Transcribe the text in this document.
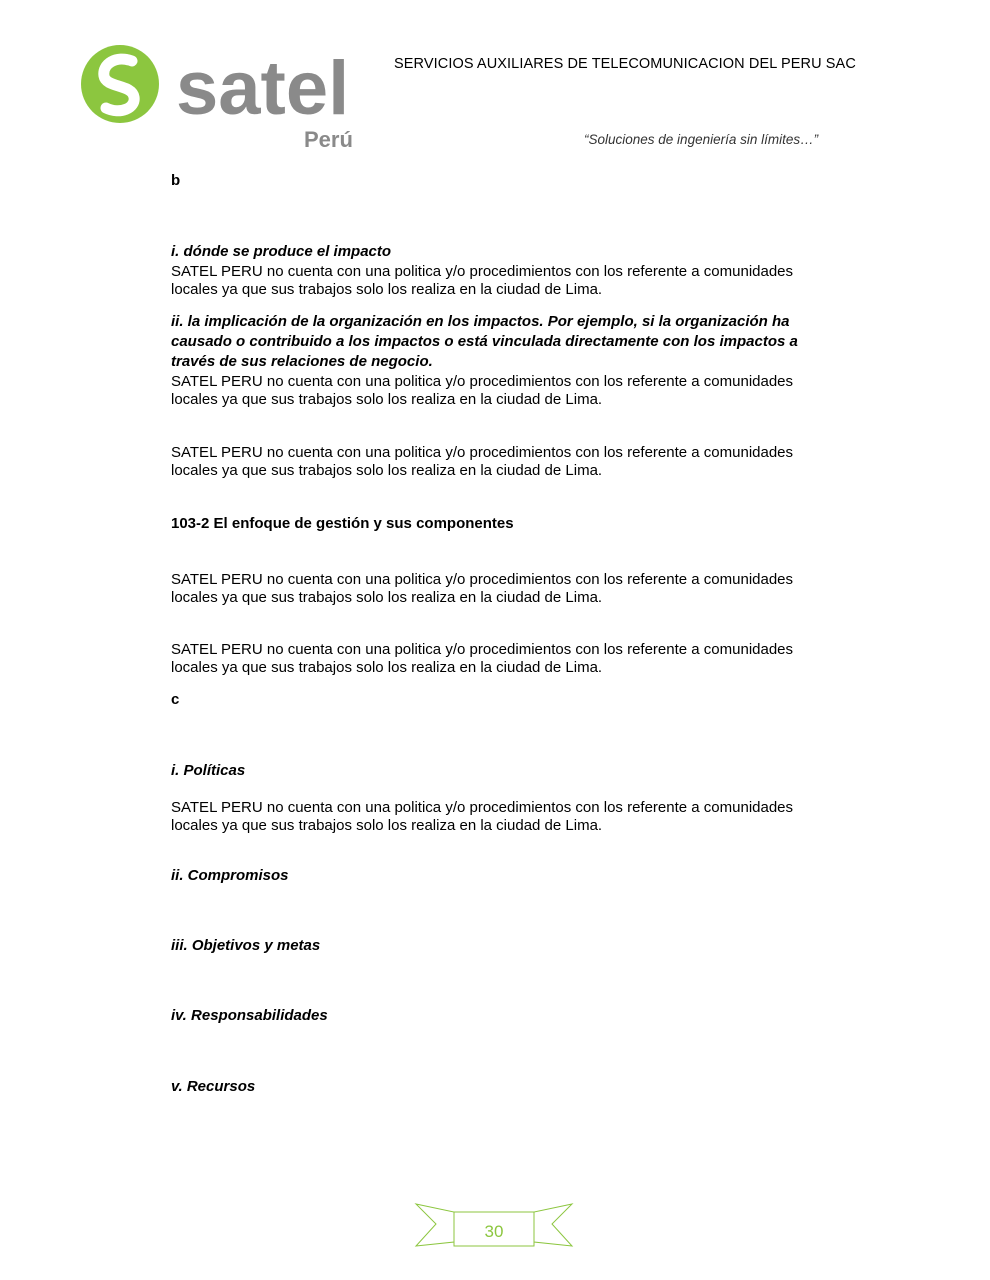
satel
Perú
SERVICIOS AUXILIARES DE TELECOMUNICACION DEL PERU SAC
“Soluciones de ingeniería sin límites…”
b
i. dónde se produce el impacto
SATEL PERU no cuenta con una politica y/o procedimientos con los referente a comunidades locales ya que sus trabajos solo los realiza en la ciudad de Lima.
ii. la implicación de la organización en los impactos. Por ejemplo, si la organización ha causado o contribuido a los impactos o está vinculada directamente con los impactos a través de sus relaciones de negocio.
SATEL PERU no cuenta con una politica y/o procedimientos con los referente a comunidades locales ya que sus trabajos solo los realiza en la ciudad de Lima.
SATEL PERU no cuenta con una politica y/o procedimientos con los referente a comunidades locales ya que sus trabajos solo los realiza en la ciudad de Lima.
103-2 El enfoque de gestión y sus componentes
SATEL PERU no cuenta con una politica y/o procedimientos con los referente a comunidades locales ya que sus trabajos solo los realiza en la ciudad de Lima.
SATEL PERU no cuenta con una politica y/o procedimientos con los referente a comunidades locales ya que sus trabajos solo los realiza en la ciudad de Lima.
c
i. Políticas
SATEL PERU no cuenta con una politica y/o procedimientos con los referente a comunidades locales ya que sus trabajos solo los realiza en la ciudad de Lima.
ii. Compromisos
iii. Objetivos y metas
iv. Responsabilidades
v. Recursos
30
